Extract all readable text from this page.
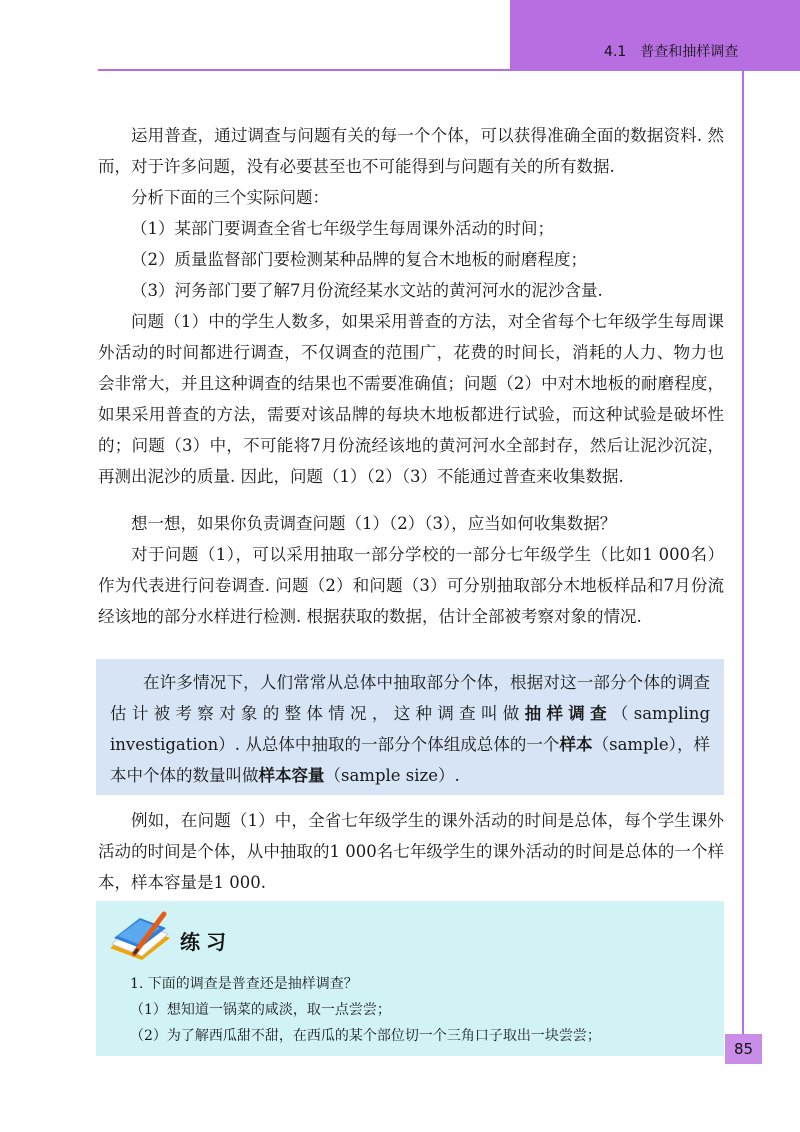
4.1 普查和抽样调查

运用普查，通过调查与问题有关的每一个个体，可以获得准确全面的数据资料. 然而，对于许多问题，没有必要甚至也不可能得到与问题有关的所有数据.

分析下面的三个实际问题：

（1）某部门要调查全省七年级学生每周课外活动的时间；

（2）质量监督部门要检测某种品牌的复合木地板的耐磨程度；

（3）河务部门要了解7月份流经某水文站的黄河河水的泥沙含量.

问题（1）中的学生人数多，如果采用普查的方法，对全省每个七年级学生每周课外活动的时间都进行调查，不仅调查的范围广，花费的时间长，消耗的人力、物力也会非常大，并且这种调查的结果也不需要准确值；问题（2）中对木地板的耐磨程度，如果采用普查的方法，需要对该品牌的每块木地板都进行试验，而这种试验是破坏性的；问题（3）中，不可能将7月份流经该地的黄河河水全部封存，然后让泥沙沉淀，再测出泥沙的质量. 因此，问题（1）（2）（3）不能通过普查来收集数据.

想一想，如果你负责调查问题（1）（2）（3），应当如何收集数据？

对于问题（1），可以采用抽取一部分学校的一部分七年级学生（比如1 000名）作为代表进行问卷调查. 问题（2）和问题（3）可分别抽取部分木地板样品和7月份流经该地的部分水样进行检测. 根据获取的数据，估计全部被考察对象的情况.

在许多情况下，人们常常从总体中抽取部分个体，根据对这一部分个体的调查估计被考察对象的整体情况，这种调查叫做抽样调查（sampling investigation）. 从总体中抽取的一部分个体组成总体的一个样本（sample），样本中个体的数量叫做样本容量（sample size）.

例如，在问题（1）中，全省七年级学生的课外活动的时间是总体，每个学生课外活动的时间是个体，从中抽取的1 000名七年级学生的课外活动的时间是总体的一个样本，样本容量是1 000.

练习

1. 下面的调查是普查还是抽样调查？

（1）想知道一锅菜的咸淡，取一点尝尝；

（2）为了解西瓜甜不甜，在西瓜的某个部位切一个三角口子取出一块尝尝；

85
